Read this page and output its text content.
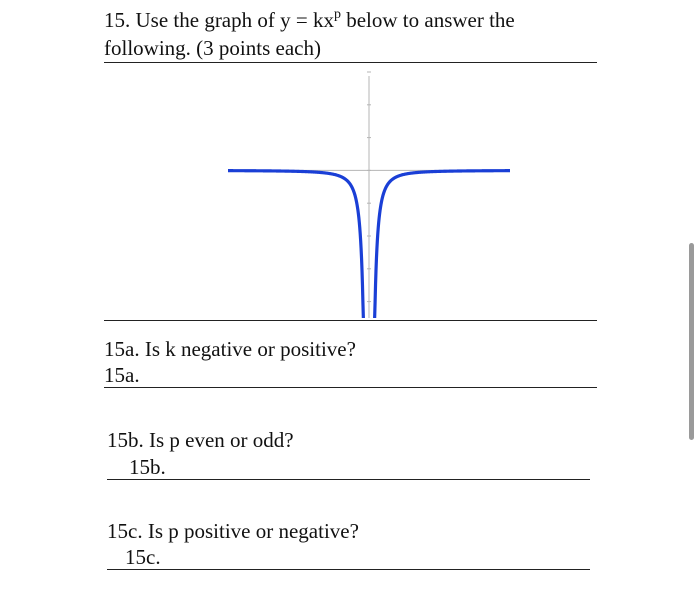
15. Use the graph of $y = kx^p$ below to answer the
following. (3 points each)
15a. Is k negative or positive?
15a.
15b. Is p even or odd?
15b.
15c. Is p positive or negative?
15c.
